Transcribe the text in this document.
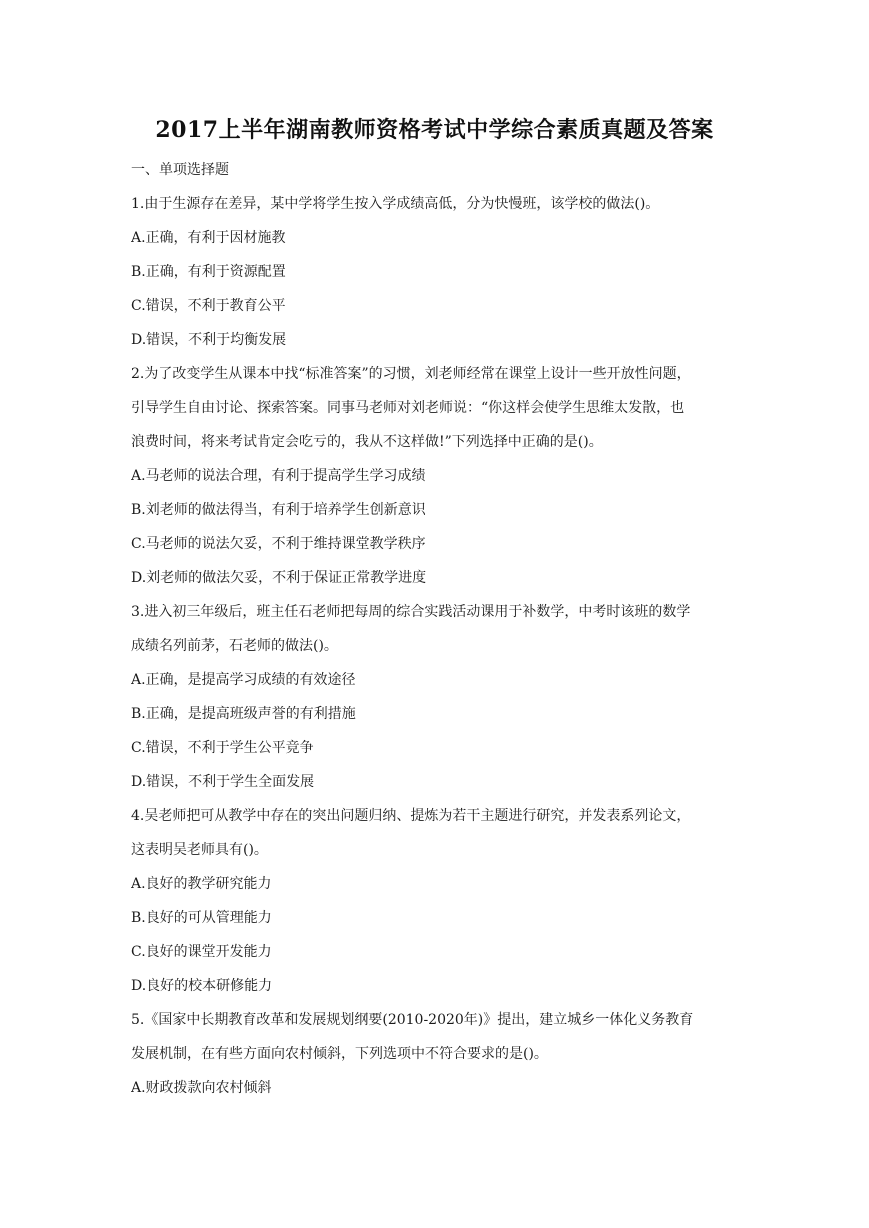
2017上半年湖南教师资格考试中学综合素质真题及答案
一、单项选择题
1.由于生源存在差异，某中学将学生按入学成绩高低，分为快慢班，该学校的做法()。
A.正确，有利于因材施教
B.正确，有利于资源配置
C.错误，不利于教育公平
D.错误，不利于均衡发展
2.为了改变学生从课本中找“标准答案”的习惯，刘老师经常在课堂上设计一些开放性问题，
引导学生自由讨论、探索答案。同事马老师对刘老师说：“你这样会使学生思维太发散，也
浪费时间，将来考试肯定会吃亏的，我从不这样做!”下列选择中正确的是()。
A.马老师的说法合理，有利于提高学生学习成绩
B.刘老师的做法得当，有利于培养学生创新意识
C.马老师的说法欠妥，不利于维持课堂教学秩序
D.刘老师的做法欠妥，不利于保证正常教学进度
3.进入初三年级后，班主任石老师把每周的综合实践活动课用于补数学，中考时该班的数学
成绩名列前茅，石老师的做法()。
A.正确，是提高学习成绩的有效途径
B.正确，是提高班级声誉的有利措施
C.错误，不利于学生公平竞争
D.错误，不利于学生全面发展
4.吴老师把可从教学中存在的突出问题归纳、提炼为若干主题进行研究，并发表系列论文，
这表明吴老师具有()。
A.良好的教学研究能力
B.良好的可从管理能力
C.良好的课堂开发能力
D.良好的校本研修能力
5.《国家中长期教育改革和发展规划纲要(2010-2020年)》提出，建立城乡一体化义务教育
发展机制，在有些方面向农村倾斜，下列选项中不符合要求的是()。
A.财政拨款向农村倾斜
